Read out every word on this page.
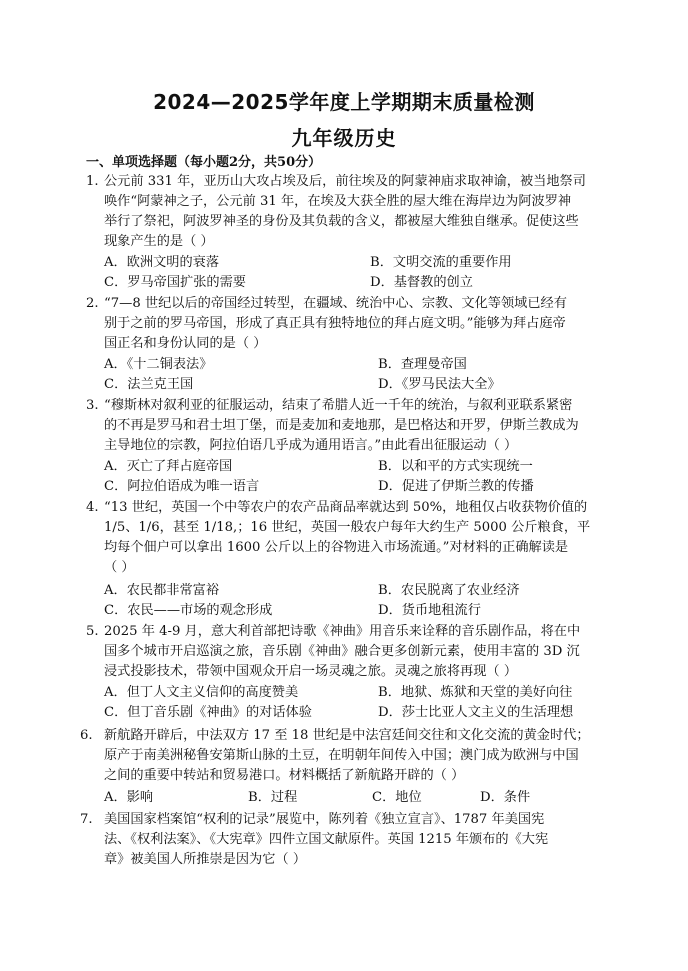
2024—2025学年度上学期期末质量检测
九年级历史
一、单项选择题（每小题2分，共50分）
1. 公元前 331 年，亚历山大攻占埃及后，前往埃及的阿蒙神庙求取神谕，被当地祭司
唤作“阿蒙神之子，公元前 31 年，在埃及大获全胜的屋大维在海岸边为阿波罗神
举行了祭祀，阿波罗神圣的身份及其负载的含义，都被屋大维独自继承。促使这些
现象产生的是（ ）
A．欧洲文明的衰落	B．文明交流的重要作用
C．罗马帝国扩张的需要	D．基督教的创立
2. “7—8 世纪以后的帝国经过转型，在疆域、统治中心、宗教、文化等领域已经有
别于之前的罗马帝国，形成了真正具有独特地位的拜占庭文明。”能够为拜占庭帝
国正名和身份认同的是（ ）
A．《十二铜表法》	B．查理曼帝国
C．法兰克王国	D．《罗马民法大全》
3. “穆斯林对叙利亚的征服运动，结束了希腊人近一千年的统治，与叙利亚联系紧密
的不再是罗马和君士坦丁堡，而是麦加和麦地那，是巴格达和开罗，伊斯兰教成为
主导地位的宗教，阿拉伯语几乎成为通用语言。”由此看出征服运动（ ）
A．灭亡了拜占庭帝国	B．以和平的方式实现统一
C．阿拉伯语成为唯一语言	D．促进了伊斯兰教的传播
4. “13 世纪，英国一个中等农户的农产品商品率就达到 50%，地租仅占收获物价值的
1/5、1/6，甚至 1/18,；16 世纪，英国一般农户每年大约生产 5000 公斤粮食，平
均每个佃户可以拿出 1600 公斤以上的谷物进入市场流通。”对材料的正确解读是
（ ）
A．农民都非常富裕	B．农民脱离了农业经济
C．农民——市场的观念形成	D．货币地租流行
5. 2025 年 4-9 月，意大利首部把诗歌《神曲》用音乐来诠释的音乐剧作品，将在中
国多个城市开启巡演之旅，音乐剧《神曲》融合更多创新元素，使用丰富的 3D 沉
浸式投影技术，带领中国观众开启一场灵魂之旅。灵魂之旅将再现（ ）
A．但丁人文主义信仰的高度赞美	B．地狱、炼狱和天堂的美好向往
C．但丁音乐剧《神曲》的对话体验	D．莎士比亚人文主义的生活理想
6. 新航路开辟后，中法双方 17 至 18 世纪是中法宫廷间交往和文化交流的黄金时代；
原产于南美洲秘鲁安第斯山脉的土豆，在明朝年间传入中国；澳门成为欧洲与中国
之间的重要中转站和贸易港口。材料概括了新航路开辟的（ ）
A．影响	B．过程	C．地位	D．条件
7. 美国国家档案馆“权利的记录”展览中，陈列着《独立宣言》、1787 年美国宪
法、《权利法案》、《大宪章》四件立国文献原件。英国 1215 年颁布的《大宪
章》被美国人所推崇是因为它（ ）
